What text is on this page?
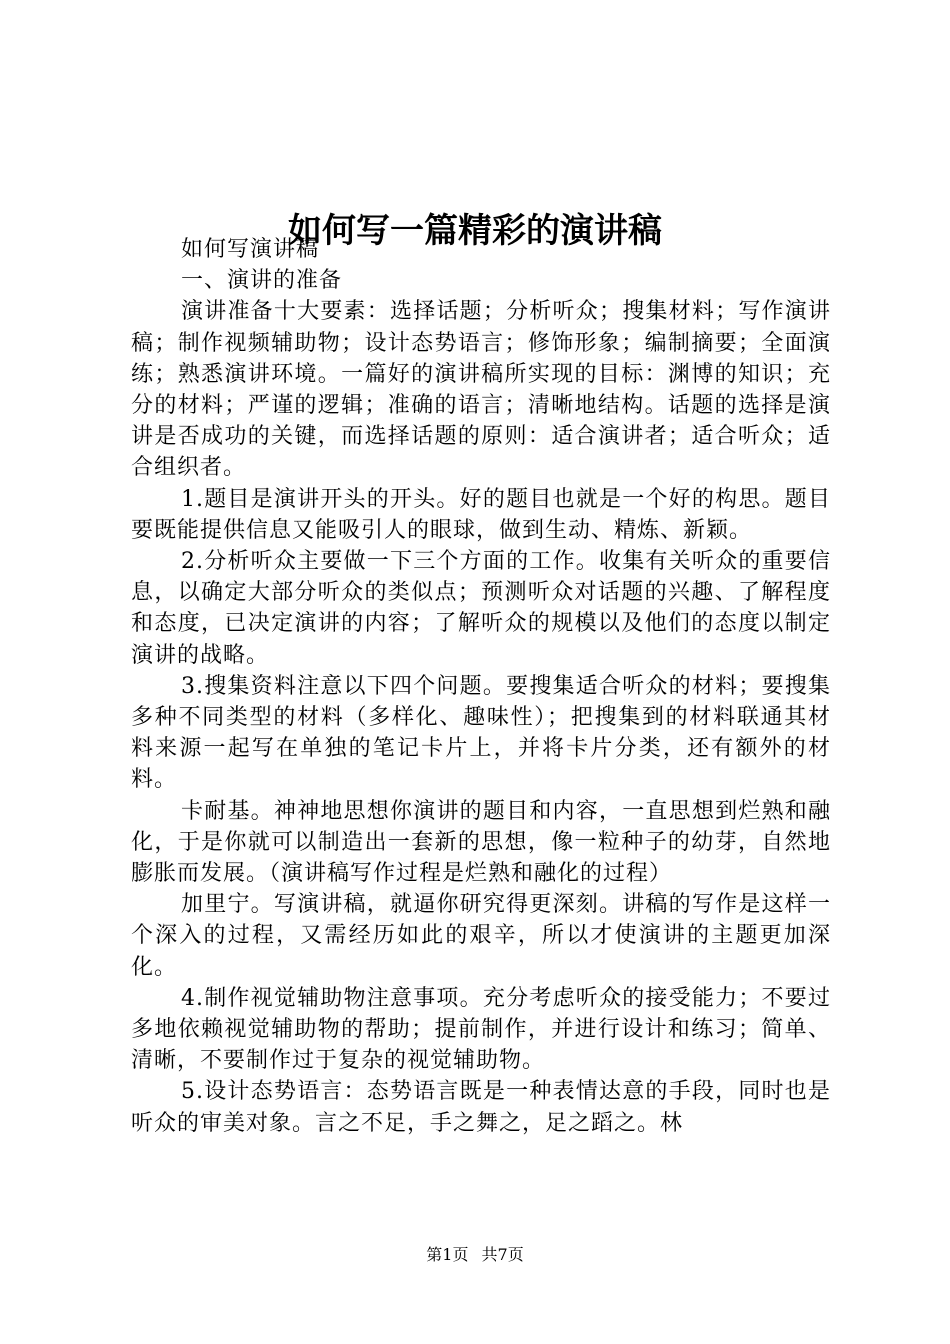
如何写一篇精彩的演讲稿

如何写演讲稿

一、演讲的准备

演讲准备十大要素：选择话题；分析听众；搜集材料；写作演讲稿；制作视频辅助物；设计态势语言；修饰形象；编制摘要；全面演练；熟悉演讲环境。一篇好的演讲稿所实现的目标：渊博的知识；充分的材料；严谨的逻辑；准确的语言；清晰地结构。话题的选择是演讲是否成功的关键，而选择话题的原则：适合演讲者；适合听众；适合组织者。

1.题目是演讲开头的开头。好的题目也就是一个好的构思。题目要既能提供信息又能吸引人的眼球，做到生动、精炼、新颖。

2.分析听众主要做一下三个方面的工作。收集有关听众的重要信息，以确定大部分听众的类似点；预测听众对话题的兴趣、了解程度和态度，已决定演讲的内容；了解听众的规模以及他们的态度以制定演讲的战略。

3.搜集资料注意以下四个问题。要搜集适合听众的材料；要搜集多种不同类型的材料（多样化、趣味性）；把搜集到的材料联通其材料来源一起写在单独的笔记卡片上，并将卡片分类，还有额外的材料。

卡耐基。神神地思想你演讲的题目和内容，一直思想到烂熟和融化，于是你就可以制造出一套新的思想，像一粒种子的幼芽，自然地膨胀而发展。（演讲稿写作过程是烂熟和融化的过程）

加里宁。写演讲稿，就逼你研究得更深刻。讲稿的写作是这样一个深入的过程，又需经历如此的艰辛，所以才使演讲的主题更加深化。

4.制作视觉辅助物注意事项。充分考虑听众的接受能力；不要过多地依赖视觉辅助物的帮助；提前制作，并进行设计和练习；简单、清晰，不要制作过于复杂的视觉辅助物。

5.设计态势语言：态势语言既是一种表情达意的手段，同时也是听众的审美对象。言之不足，手之舞之，足之蹈之。林

第1页 共7页
